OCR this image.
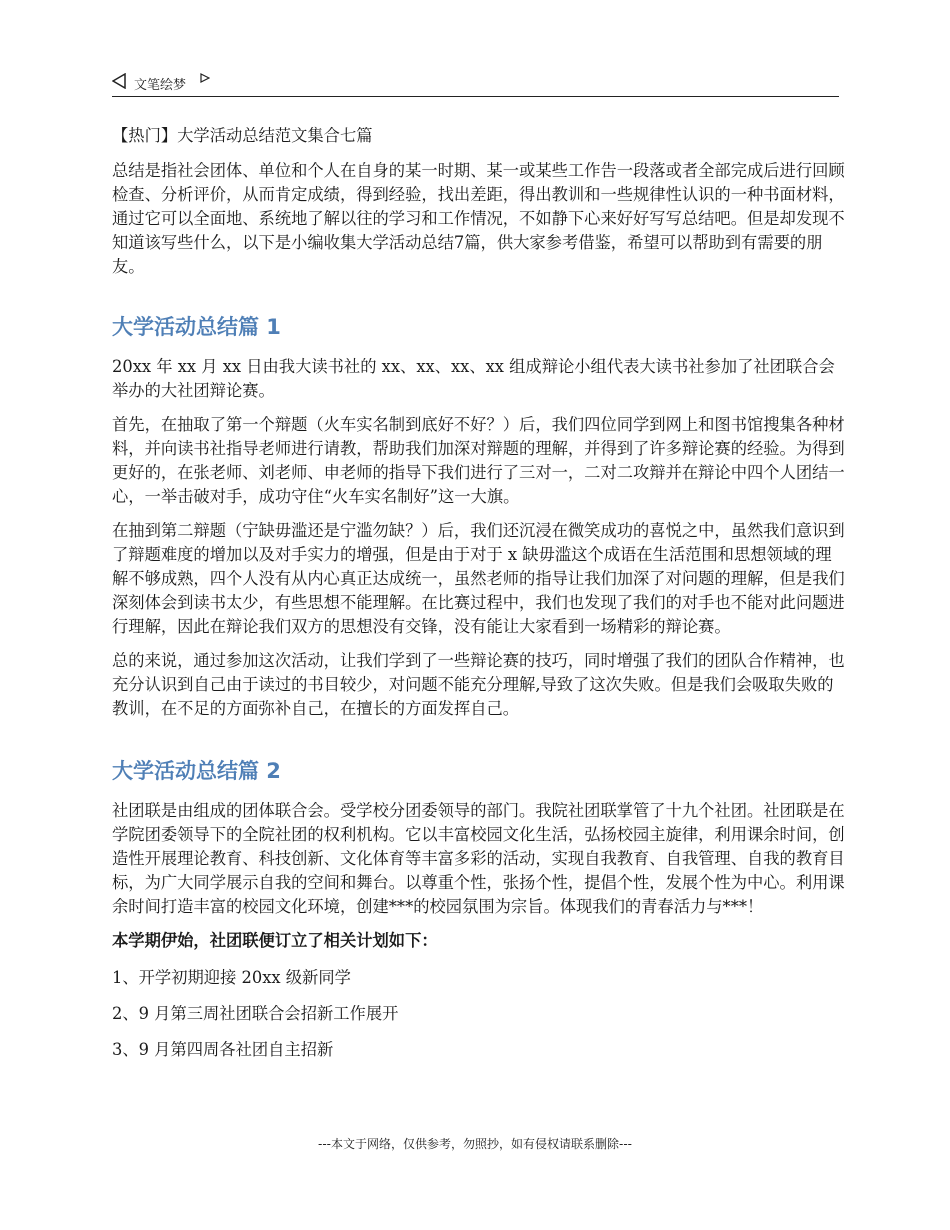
文笔绘梦

【热门】大学活动总结范文集合七篇

总结是指社会团体、单位和个人在自身的某一时期、某一或某些工作告一段落或者全部完成后进行回顾检查、分析评价，从而肯定成绩，得到经验，找出差距，得出教训和一些规律性认识的一种书面材料，通过它可以全面地、系统地了解以往的学习和工作情况，不如静下心来好好写写总结吧。但是却发现不知道该写些什么，以下是小编收集大学活动总结7篇，供大家参考借鉴，希望可以帮助到有需要的朋友。

大学活动总结篇 1

20xx 年 xx 月 xx 日由我大读书社的 xx、xx、xx、xx 组成辩论小组代表大读书社参加了社团联合会举办的大社团辩论赛。

首先，在抽取了第一个辩题（火车实名制到底好不好？）后，我们四位同学到网上和图书馆搜集各种材料，并向读书社指导老师进行请教，帮助我们加深对辩题的理解，并得到了许多辩论赛的经验。为得到更好的，在张老师、刘老师、申老师的指导下我们进行了三对一，二对二攻辩并在辩论中四个人团结一心，一举击破对手，成功守住“火车实名制好”这一大旗。

在抽到第二辩题（宁缺毋滥还是宁滥勿缺？）后，我们还沉浸在微笑成功的喜悦之中，虽然我们意识到了辩题难度的增加以及对手实力的增强，但是由于对于 x 缺毋滥这个成语在生活范围和思想领域的理解不够成熟，四个人没有从内心真正达成统一，虽然老师的指导让我们加深了对问题的理解，但是我们深刻体会到读书太少，有些思想不能理解。在比赛过程中，我们也发现了我们的对手也不能对此问题进行理解，因此在辩论我们双方的思想没有交锋，没有能让大家看到一场精彩的辩论赛。

总的来说，通过参加这次活动，让我们学到了一些辩论赛的技巧，同时增强了我们的团队合作精神，也充分认识到自己由于读过的书目较少，对问题不能充分理解,导致了这次失败。但是我们会吸取失败的教训，在不足的方面弥补自己，在擅长的方面发挥自己。

大学活动总结篇 2

社团联是由组成的团体联合会。受学校分团委领导的部门。我院社团联掌管了十九个社团。社团联是在学院团委领导下的全院社团的权利机构。它以丰富校园文化生活，弘扬校园主旋律，利用课余时间，创造性开展理论教育、科技创新、文化体育等丰富多彩的活动，实现自我教育、自我管理、自我的教育目标，为广大同学展示自我的空间和舞台。以尊重个性，张扬个性，提倡个性，发展个性为中心。利用课余时间打造丰富的校园文化环境，创建***的校园氛围为宗旨。体现我们的青春活力与***！

本学期伊始，社团联便订立了相关计划如下：

1、开学初期迎接 20xx 级新同学

2、9 月第三周社团联合会招新工作展开

3、9 月第四周各社团自主招新

---本文于网络，仅供参考，勿照抄，如有侵权请联系删除---
